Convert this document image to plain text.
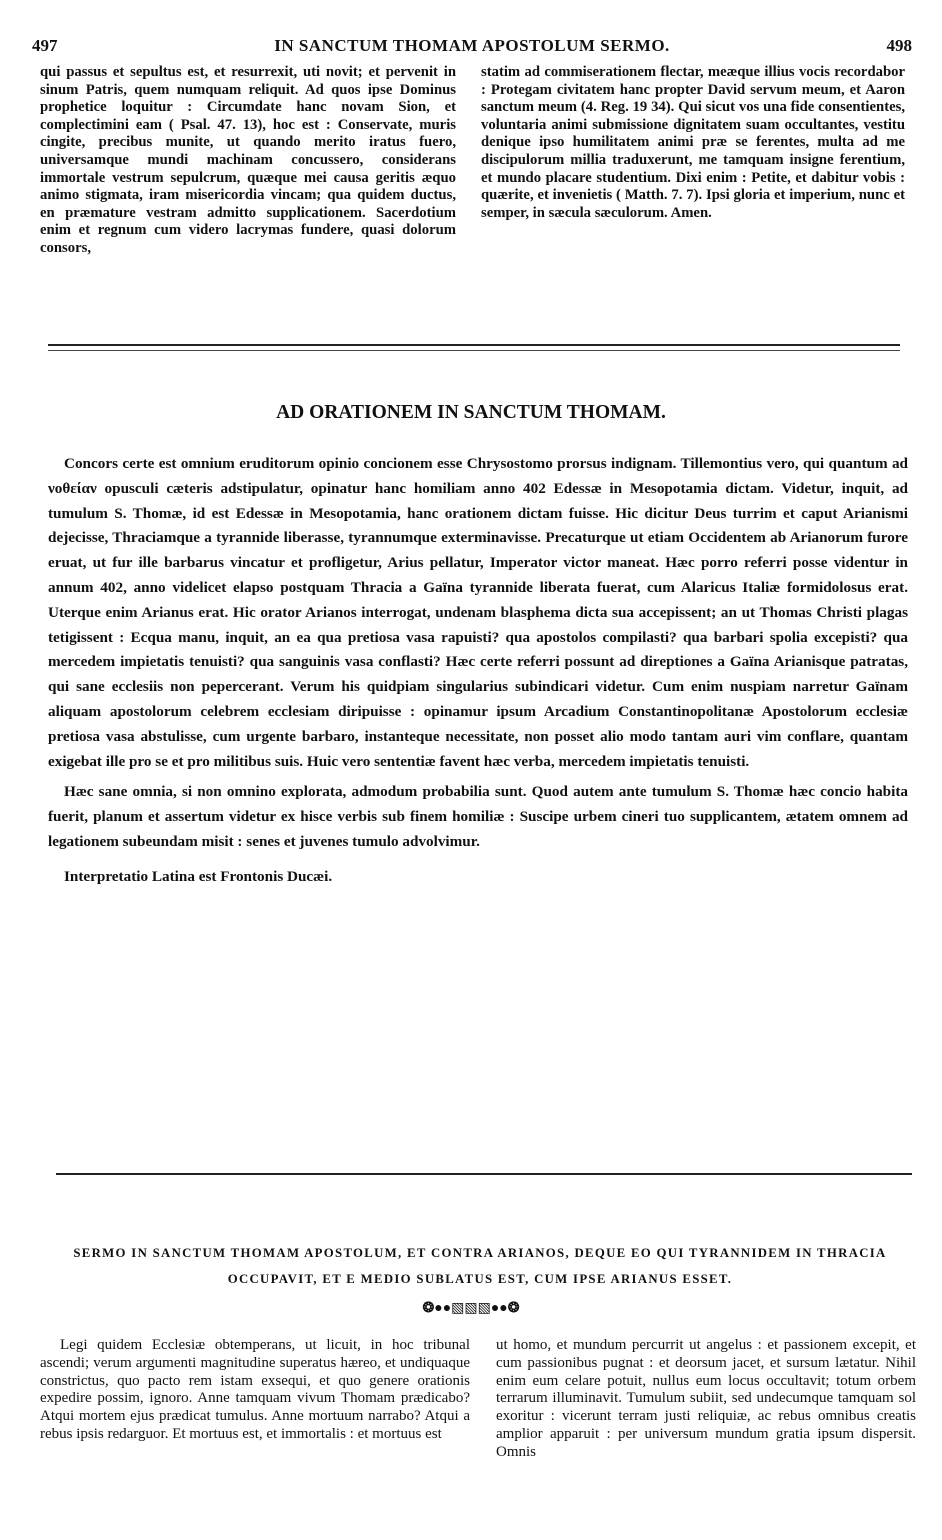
497	IN SANCTUM THOMAM APOSTOLUM SERMO.	498

qui passus et sepultus est, et resurrexit, uti novit; et pervenit in sinum Patris, quem numquam reliquit. Ad quos ipse Dominus prophetice loquitur : Circumdate hanc novam Sion, et complectimini eam ( Psal. 47. 13), hoc est : Conservate, muris cingite, precibus munite, ut quando merito iratus fuero, universamque mundi machinam concussero, considerans immortale vestrum sepulcrum, quæque mei causa geritis æquo animo stigmata, iram misericordia vincam; qua quidem ductus, en præmature vestram admitto supplicationem. Sacerdotium enim et regnum cum videro lacrymas fundere, quasi dolorum consors,

statim ad commiserationem flectar, meæque illius vocis recordabor : Protegam civitatem hanc propter David servum meum, et Aaron sanctum meum (4. Reg. 19 34). Qui sicut vos una fide consentientes, voluntaria animi submissione dignitatem suam occultantes, vestitu denique ipso humilitatem animi præ se ferentes, multa ad me discipulorum millia traduxerunt, me tamquam insigne ferentium, et mundo placare studentium. Dixi enim : Petite, et dabitur vobis : quærite, et invenietis ( Matth. 7. 7). Ipsi gloria et imperium, nunc et semper, in sæcula sæculorum. Amen.

AD ORATIONEM IN SANCTUM THOMAM.

Concors certe est omnium eruditorum opinio concionem esse Chrysostomo prorsus indignam. Tillemontius vero, qui quantum ad νοθείαν opusculi cæteris adstipulatur, opinatur hanc homiliam anno 402 Edessæ in Mesopotamia dictam. Videtur, inquit, ad tumulum S. Thomæ, id est Edessæ in Mesopotamia, hanc orationem dictam fuisse. Hic dicitur Deus turrim et caput Arianismi dejecisse, Thraciamque a tyrannide liberasse, tyrannumque exterminavisse. Precaturque ut etiam Occidentem ab Arianorum furore eruat, ut fur ille barbarus vincatur et profligetur, Arius pellatur, Imperator victor maneat. Hæc porro referri posse videntur in annum 402, anno videlicet elapso postquam Thracia a Gaïna tyrannide liberata fuerat, cum Alaricus Italiæ formidolosus erat. Uterque enim Arianus erat. Hic orator Arianos interrogat, undenam blasphema dicta sua accepissent; an ut Thomas Christi plagas tetigissent : Ecqua manu, inquit, an ea qua pretiosa vasa rapuisti? qua apostolos compilasti? qua barbari spolia excepisti? qua mercedem impietatis tenuisti? qua sanguinis vasa conflasti? Hæc certe referri possunt ad direptiones a Gaïna Arianisque patratas, qui sane ecclesiis non pepercerant. Verum his quidpiam singularius subindicari videtur. Cum enim nuspiam narretur Gaïnam aliquam apostolorum celebrem ecclesiam diripuisse : opinamur ipsum Arcadium Constantinopolitanæ Apostolorum ecclesiæ pretiosa vasa abstulisse, cum urgente barbaro, instanteque necessitate, non posset alio modo tantam auri vim conflare, quantam exigebat ille pro se et pro militibus suis. Huic vero sententiæ favent hæc verba, mercedem impietatis tenuisti.

Hæc sane omnia, si non omnino explorata, admodum probabilia sunt. Quod autem ante tumulum S. Thomæ hæc concio habita fuerit, planum et assertum videtur ex hisce verbis sub finem homiliæ : Suscipe urbem cineri tuo supplicantem, ætatem omnem ad legationem subeundam misit : senes et juvenes tumulo advolvimur.

Interpretatio Latina est Frontonis Ducæi.

SERMO IN SANCTUM THOMAM APOSTOLUM, ET CONTRA ARIANOS, DEQUE EO QUI TYRANNIDEM IN THRACIA OCCUPAVIT, ET E MEDIO SUBLATUS EST, CUM IPSE ARIANUS ESSET.
❂●●▧▧▧●●❂

Legi quidem Ecclesiæ obtemperans, ut licuit, in hoc tribunal ascendi; verum argumenti magnitudine superatus hæreo, et undiquaque constrictus, quo pacto rem istam exsequi, et quo genere orationis expedire possim, ignoro. Anne tamquam vivum Thomam prædicabo? Atqui mortem ejus prædicat tumulus. Anne mortuum narrabo? Atqui a rebus ipsis redarguor. Et mortuus est, et immortalis : et mortuus est

ut homo, et mundum percurrit ut angelus : et passionem excepit, et cum passionibus pugnat : et deorsum jacet, et sursum lætatur. Nihil enim eum celare potuit, nullus eum locus occultavit; totum orbem terrarum illuminavit. Tumulum subiit, sed undecumque tamquam sol exoritur : vicerunt terram justi reliquiæ, ac rebus omnibus creatis amplior apparuit : per universum mundum gratia ipsum dispersit. Omnis
